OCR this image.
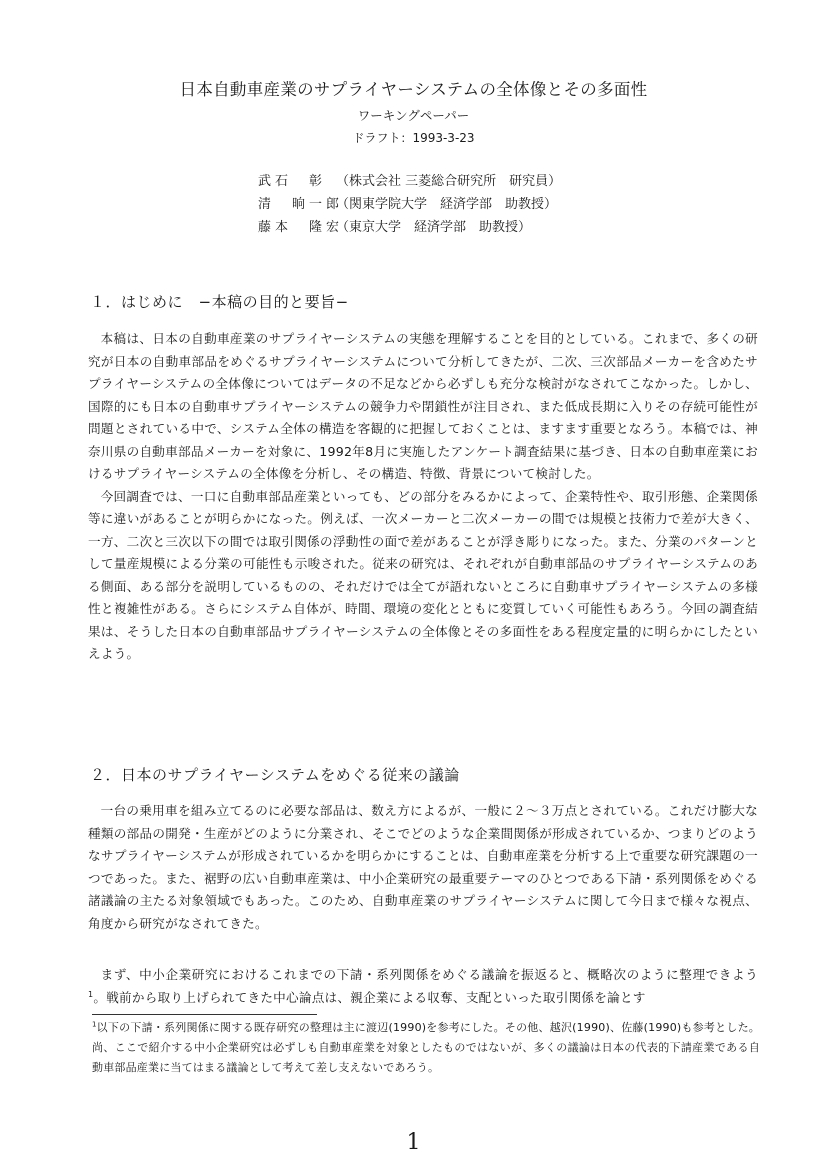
日本自動車産業のサプライヤーシステムの全体像とその多面性
ワーキングペーパー
ドラフト：1993-3-23
武石　彰 （株式会社 三菱総合研究所　研究員）
清　晌一郎（関東学院大学　経済学部　助教授）
藤本　隆宏（東京大学　経済学部　助教授）
１．はじめに　−本稿の目的と要旨−

本稿は、日本の自動車産業のサプライヤーシステムの実態を理解することを目的としている。これまで、多くの研究が日本の自動車部品をめぐるサプライヤーシステムについて分析してきたが、二次、三次部品メーカーを含めたサプライヤーシステムの全体像についてはデータの不足などから必ずしも充分な検討がなされてこなかった。しかし、国際的にも日本の自動車サプライヤーシステムの競争力や閉鎖性が注目され、また低成長期に入りその存続可能性が問題とされている中で、システム全体の構造を客観的に把握しておくことは、ますます重要となろう。本稿では、神奈川県の自動車部品メーカーを対象に、1992年8月に実施したアンケート調査結果に基づき、日本の自動車産業におけるサプライヤーシステムの全体像を分析し、その構造、特徴、背景について検討した。

今回調査では、一口に自動車部品産業といっても、どの部分をみるかによって、企業特性や、取引形態、企業関係等に違いがあることが明らかになった。例えば、一次メーカーと二次メーカーの間では規模と技術力で差が大きく、一方、二次と三次以下の間では取引関係の浮動性の面で差があることが浮き彫りになった。また、分業のパターンとして量産規模による分業の可能性も示唆された。従来の研究は、それぞれが自動車部品のサプライヤーシステムのある側面、ある部分を説明しているものの、それだけでは全てが語れないところに自動車サプライヤーシステムの多様性と複雑性がある。さらにシステム自体が、時間、環境の変化とともに変質していく可能性もあろう。今回の調査結果は、そうした日本の自動車部品サプライヤーシステムの全体像とその多面性をある程度定量的に明らかにしたといえよう。

２．日本のサプライヤーシステムをめぐる従来の議論

一台の乗用車を組み立てるのに必要な部品は、数え方によるが、一般に２〜３万点とされている。これだけ膨大な種類の部品の開発・生産がどのように分業され、そこでどのような企業間関係が形成されているか、つまりどのようなサプライヤーシステムが形成されているかを明らかにすることは、自動車産業を分析する上で重要な研究課題の一つであった。また、裾野の広い自動車産業は、中小企業研究の最重要テーマのひとつである下請・系列関係をめぐる諸議論の主たる対象領域でもあった。このため、自動車産業のサプライヤーシステムに関して今日まで様々な視点、角度から研究がなされてきた。

まず、中小企業研究におけるこれまでの下請・系列関係をめぐる議論を振返ると、概略次のように整理できよう$^1$。戦前から取り上げられてきた中心論点は、親企業による収奪、支配といった取引関係を論とす

$^1$以下の下請・系列関係に関する既存研究の整理は主に渡辺(1990)を参考にした。その他、越沢(1990)、佐藤(1990)も参考とした。尚、ここで紹介する中小企業研究は必ずしも自動車産業を対象としたものではないが、多くの議論は日本の代表的下請産業である自動車部品産業に当てはまる議論として考えて差し支えないであろう。
1
